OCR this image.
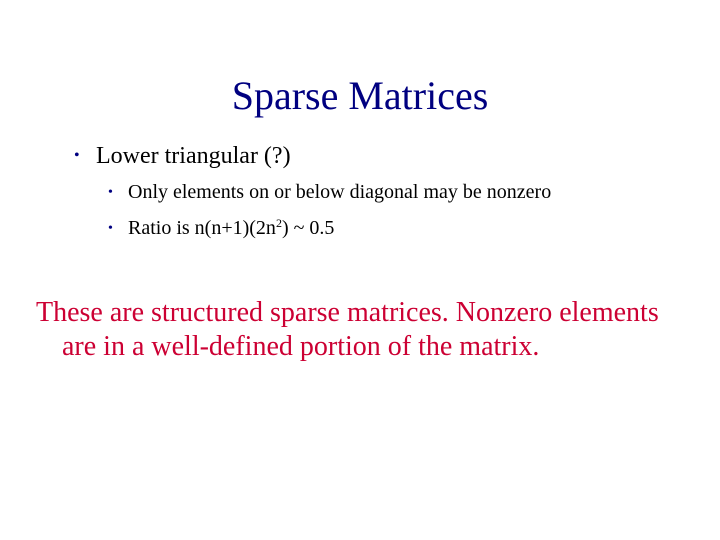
Sparse Matrices
• Lower triangular (?)
• Only elements on or below diagonal may be nonzero
• Ratio is $n(n+1)(2n^2)$ ~ 0.5
These are structured sparse matrices. Nonzero elements are in a well-defined portion of the matrix.
